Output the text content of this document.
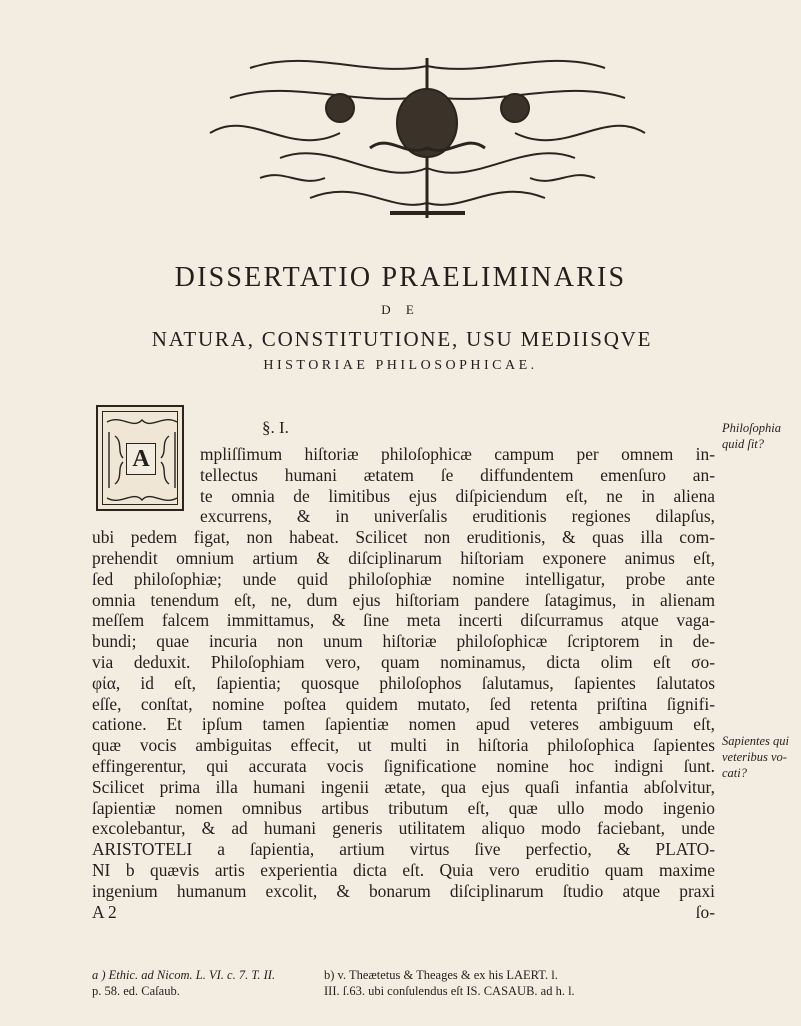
DISSERTATIO PRAELIMINARIS
D E
NATURA, CONSTITUTIONE, USU MEDIISQVE
HISTORIAE PHILOSOPHICAE.
A
§. I.
mpliſſimum hiſtoriæ philoſophicæ campum per omnem in-
tellectus humani ætatem ſe diffundentem emenſuro an-
te omnia de limitibus ejus diſpiciendum eſt, ne in aliena
excurrens, & in univerſalis eruditionis regiones dilapſus,
ubi pedem figat, non habeat. Scilicet non eruditionis, & quas illa com-
prehendit omnium artium & diſciplinarum hiſtoriam exponere animus eſt,
ſed philoſophiæ; unde quid philoſophiæ nomine intelligatur, probe ante
omnia tenendum eſt, ne, dum ejus hiſtoriam pandere ſatagimus, in alienam
meſſem falcem immittamus, & ſine meta incerti diſcurramus atque vaga-
bundi; quae incuria non unum hiſtoriæ philoſophicæ ſcriptorem in de-
via deduxit. Philoſophiam vero, quam nominamus, dicta olim eſt σο-
φία, id eſt, ſapientia; quosque philoſophos ſalutamus, ſapientes ſalutatos
eſſe, conſtat, nomine poſtea quidem mutato, ſed retenta priſtina ſignifi-
catione. Et ipſum tamen ſapientiæ nomen apud veteres ambiguum eſt,
quæ vocis ambiguitas effecit, ut multi in hiſtoria philoſophica ſapientes
effingerentur, qui accurata vocis ſignificatione nomine hoc indigni ſunt.
Scilicet prima illa humani ingenii ætate, qua ejus quaſi infantia abſolvitur,
ſapientiæ nomen omnibus artibus tributum eſt, quæ ullo modo ingenio
excolebantur, & ad humani generis utilitatem aliquo modo faciebant, unde
ARISTOTELI a ſapientia, artium virtus ſive perfectio, & PLATO-
NI b quævis artis experientia dicta eſt. Quia vero eruditio quam maxime
ingenium humanum excolit, & bonarum diſciplinarum ſtudio atque praxi
A 2	ſo-
Philoſophia quid ſit?
Sapientes qui veteribus vo- cati?
a ) Ethic. ad Nicom. L. VI. c. 7. T. II.	b) v. Theætetus & Theages & ex his LAERT. l.
p. 58. ed. Caſaub.	III. ſ.63. ubi conſulendus eſt IS. CASAUB. ad h. l.
